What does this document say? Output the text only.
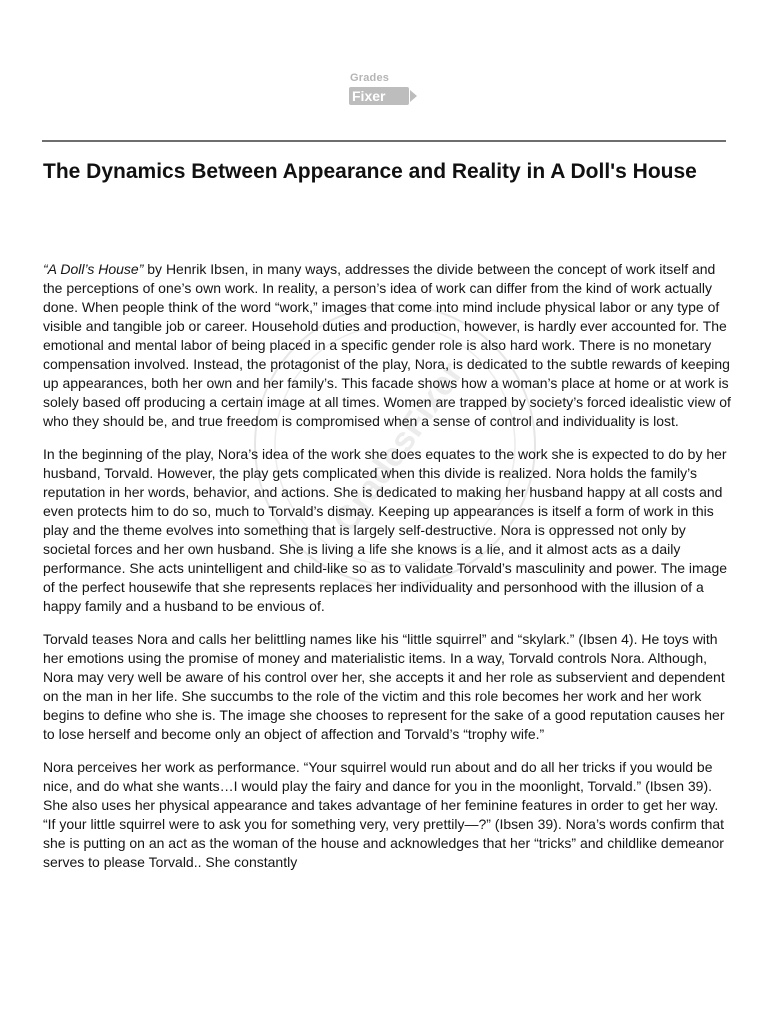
Grades
Fixer
The Dynamics Between Appearance and Reality in A Doll's House
GradesFixer

“A Doll’s House” by Henrik Ibsen, in many ways, addresses the divide between the concept of work itself and the perceptions of one’s own work. In reality, a person’s idea of work can differ from the kind of work actually done. When people think of the word “work,” images that come into mind include physical labor or any type of visible and tangible job or career. Household duties and production, however, is hardly ever accounted for. The emotional and mental labor of being placed in a specific gender role is also hard work. There is no monetary compensation involved. Instead, the protagonist of the play, Nora, is dedicated to the subtle rewards of keeping up appearances, both her own and her family’s. This facade shows how a woman’s place at home or at work is solely based off producing a certain image at all times. Women are trapped by society’s forced idealistic view of who they should be, and true freedom is compromised when a sense of control and individuality is lost.

In the beginning of the play, Nora’s idea of the work she does equates to the work she is expected to do by her husband, Torvald. However, the play gets complicated when this divide is realized. Nora holds the family’s reputation in her words, behavior, and actions. She is dedicated to making her husband happy at all costs and even protects him to do so, much to Torvald’s dismay. Keeping up appearances is itself a form of work in this play and the theme evolves into something that is largely self-destructive. Nora is oppressed not only by societal forces and her own husband. She is living a life she knows is a lie, and it almost acts as a daily performance. She acts unintelligent and child-like so as to validate Torvald’s masculinity and power. The image of the perfect housewife that she represents replaces her individuality and personhood with the illusion of a happy family and a husband to be envious of.

Torvald teases Nora and calls her belittling names like his “little squirrel” and “skylark.” (Ibsen 4). He toys with her emotions using the promise of money and materialistic items. In a way, Torvald controls Nora. Although, Nora may very well be aware of his control over her, she accepts it and her role as subservient and dependent on the man in her life. She succumbs to the role of the victim and this role becomes her work and her work begins to define who she is. The image she chooses to represent for the sake of a good reputation causes her to lose herself and become only an object of affection and Torvald’s “trophy wife.”

Nora perceives her work as performance. “Your squirrel would run about and do all her tricks if you would be nice, and do what she wants…I would play the fairy and dance for you in the moonlight, Torvald.” (Ibsen 39). She also uses her physical appearance and takes advantage of her feminine features in order to get her way. “If your little squirrel were to ask you for something very, very prettily—?” (Ibsen 39). Nora’s words confirm that she is putting on an act as the woman of the house and acknowledges that her “tricks” and childlike demeanor serves to please Torvald.. She constantly
